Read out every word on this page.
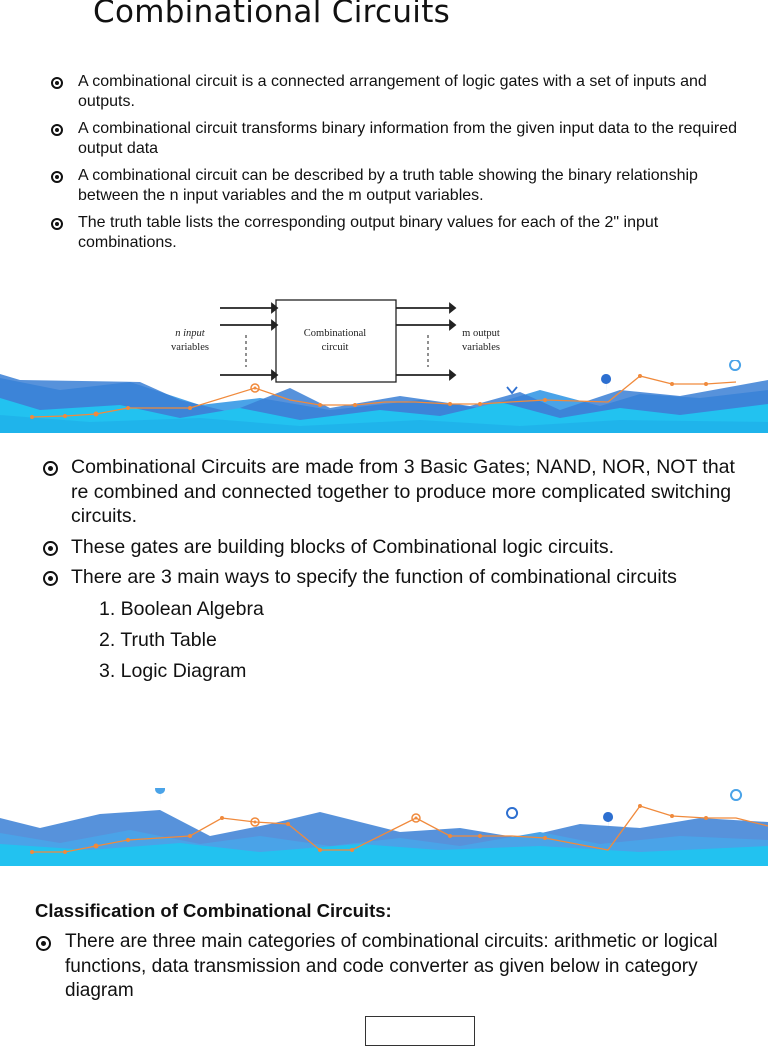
Combinational Circuits
A combinational circuit is a connected arrangement of logic gates with a set of inputs and outputs.
A combinational circuit transforms binary information from the given input data to the required output data
A combinational circuit can be described by a truth table showing the binary relationship between the n input variables and the m output variables.
The truth table lists the corresponding output binary values for each of the 2" input combinations.
n input
variables
Combinational
circuit
m output
variables
Combinational Circuits are made from 3 Basic Gates; NAND, NOR, NOT that re combined and connected together to produce more complicated switching circuits.
These gates are building blocks of Combinational logic circuits.
There are 3 main ways to specify the function of combinational circuits
1. Boolean Algebra
2. Truth Table
3. Logic Diagram
Classification of Combinational Circuits:
There are three main categories of combinational circuits: arithmetic or logical functions, data transmission and code converter as given below in category diagram
